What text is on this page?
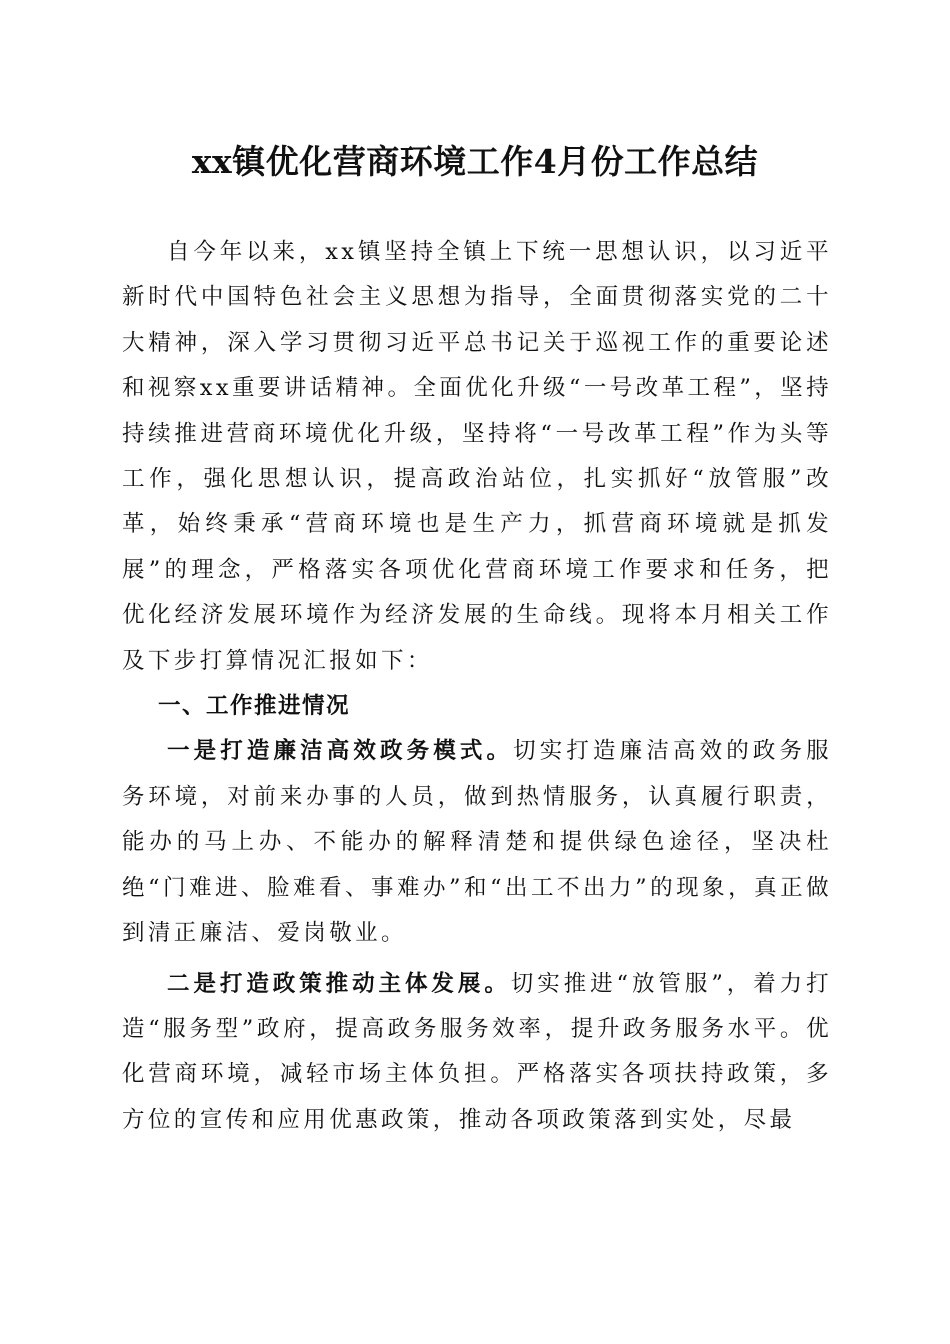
xx镇优化营商环境工作4月份工作总结

自今年以来，xx镇坚持全镇上下统一思想认识，以习近平新时代中国特色社会主义思想为指导，全面贯彻落实党的二十大精神，深入学习贯彻习近平总书记关于巡视工作的重要论述和视察xx重要讲话精神。全面优化升级“一号改革工程”，坚持持续推进营商环境优化升级，坚持将“一号改革工程”作为头等工作，强化思想认识，提高政治站位，扎实抓好“放管服”改革，始终秉承“营商环境也是生产力，抓营商环境就是抓发展”的理念，严格落实各项优化营商环境工作要求和任务，把优化经济发展环境作为经济发展的生命线。现将本月相关工作及下步打算情况汇报如下：

一、工作推进情况

一是打造廉洁高效政务模式。切实打造廉洁高效的政务服务环境，对前来办事的人员，做到热情服务，认真履行职责，能办的马上办、不能办的解释清楚和提供绿色途径，坚决杜绝“门难进、脸难看、事难办”和“出工不出力”的现象，真正做到清正廉洁、爱岗敬业。

二是打造政策推动主体发展。切实推进“放管服”，着力打造“服务型”政府，提高政务服务效率，提升政务服务水平。优化营商环境，减轻市场主体负担。严格落实各项扶持政策，多方位的宣传和应用优惠政策，推动各项政策落到实处，尽最
